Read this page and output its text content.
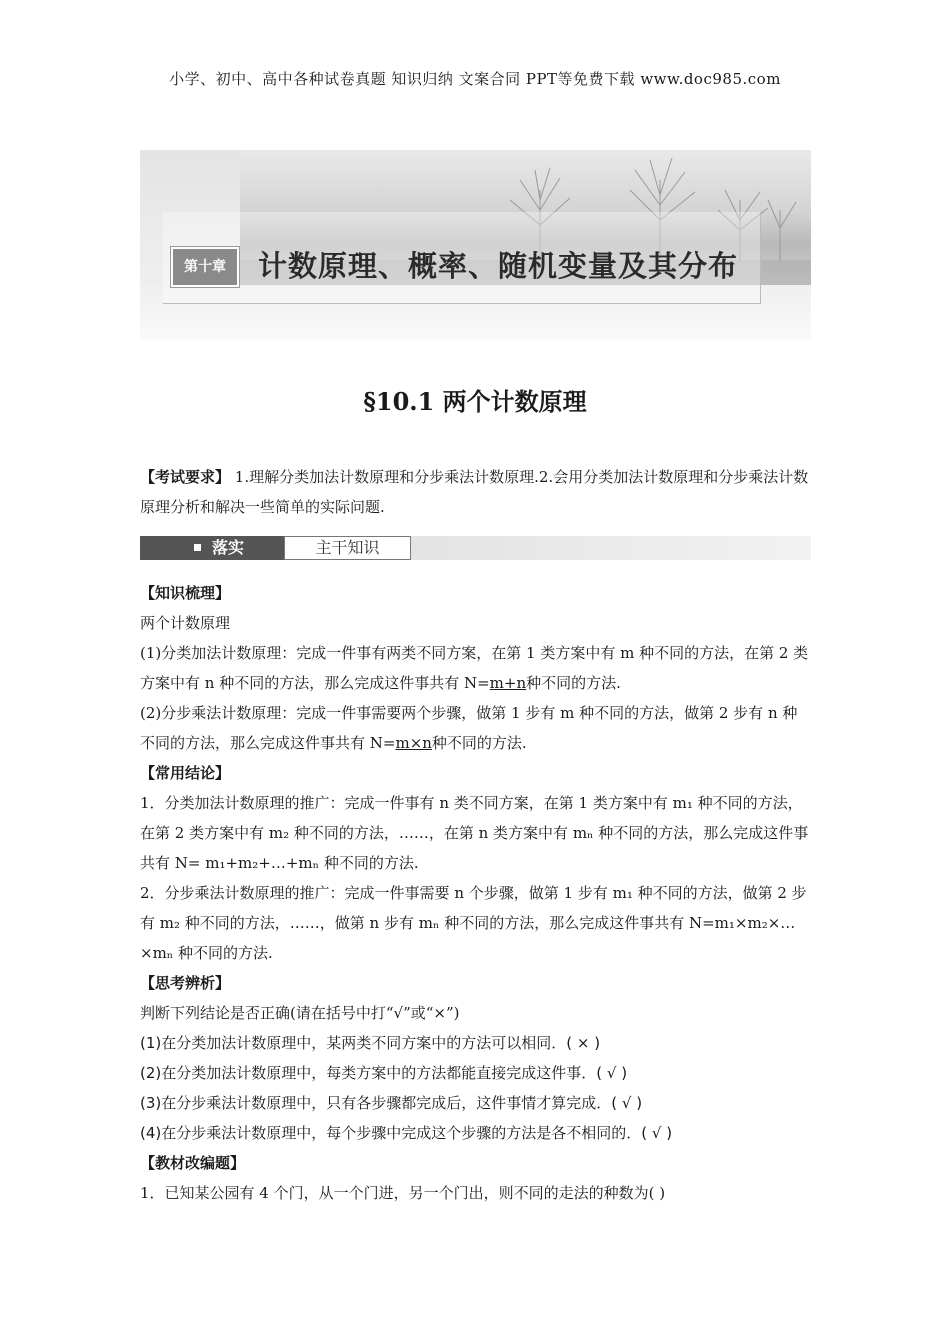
小学、初中、高中各种试卷真题 知识归纳 文案合同 PPT等免费下载 www.doc985.com
第十章	计数原理、概率、随机变量及其分布
§10.1 两个计数原理
【考试要求】 1.理解分类加法计数原理和分步乘法计数原理.2.会用分类加法计数原理和分步乘法计数原理分析和解决一些简单的实际问题.
落实	主干知识

【知识梳理】

两个计数原理

(1)分类加法计数原理：完成一件事有两类不同方案，在第 1 类方案中有 m 种不同的方法，在第 2 类方案中有 n 种不同的方法，那么完成这件事共有 N=m+n种不同的方法.

(2)分步乘法计数原理：完成一件事需要两个步骤，做第 1 步有 m 种不同的方法，做第 2 步有 n 种不同的方法，那么完成这件事共有 N=m×n种不同的方法.

【常用结论】

1．分类加法计数原理的推广：完成一件事有 n 类不同方案，在第 1 类方案中有 m₁ 种不同的方法，在第 2 类方案中有 m₂ 种不同的方法，……，在第 n 类方案中有 mₙ 种不同的方法，那么完成这件事共有 N= m₁+m₂+…+mₙ 种不同的方法.

2．分步乘法计数原理的推广：完成一件事需要 n 个步骤，做第 1 步有 m₁ 种不同的方法，做第 2 步有 m₂ 种不同的方法，……，做第 n 步有 mₙ 种不同的方法，那么完成这件事共有 N=m₁×m₂×…×mₙ 种不同的方法.

【思考辨析】

判断下列结论是否正确(请在括号中打“√”或“×”)

(1)在分类加法计数原理中，某两类不同方案中的方法可以相同．( × )

(2)在分类加法计数原理中，每类方案中的方法都能直接完成这件事．( √ )

(3)在分步乘法计数原理中，只有各步骤都完成后，这件事情才算完成．( √ )

(4)在分步乘法计数原理中，每个步骤中完成这个步骤的方法是各不相同的．( √ )

【教材改编题】

1．已知某公园有 4 个门，从一个门进，另一个门出，则不同的走法的种数为( )
